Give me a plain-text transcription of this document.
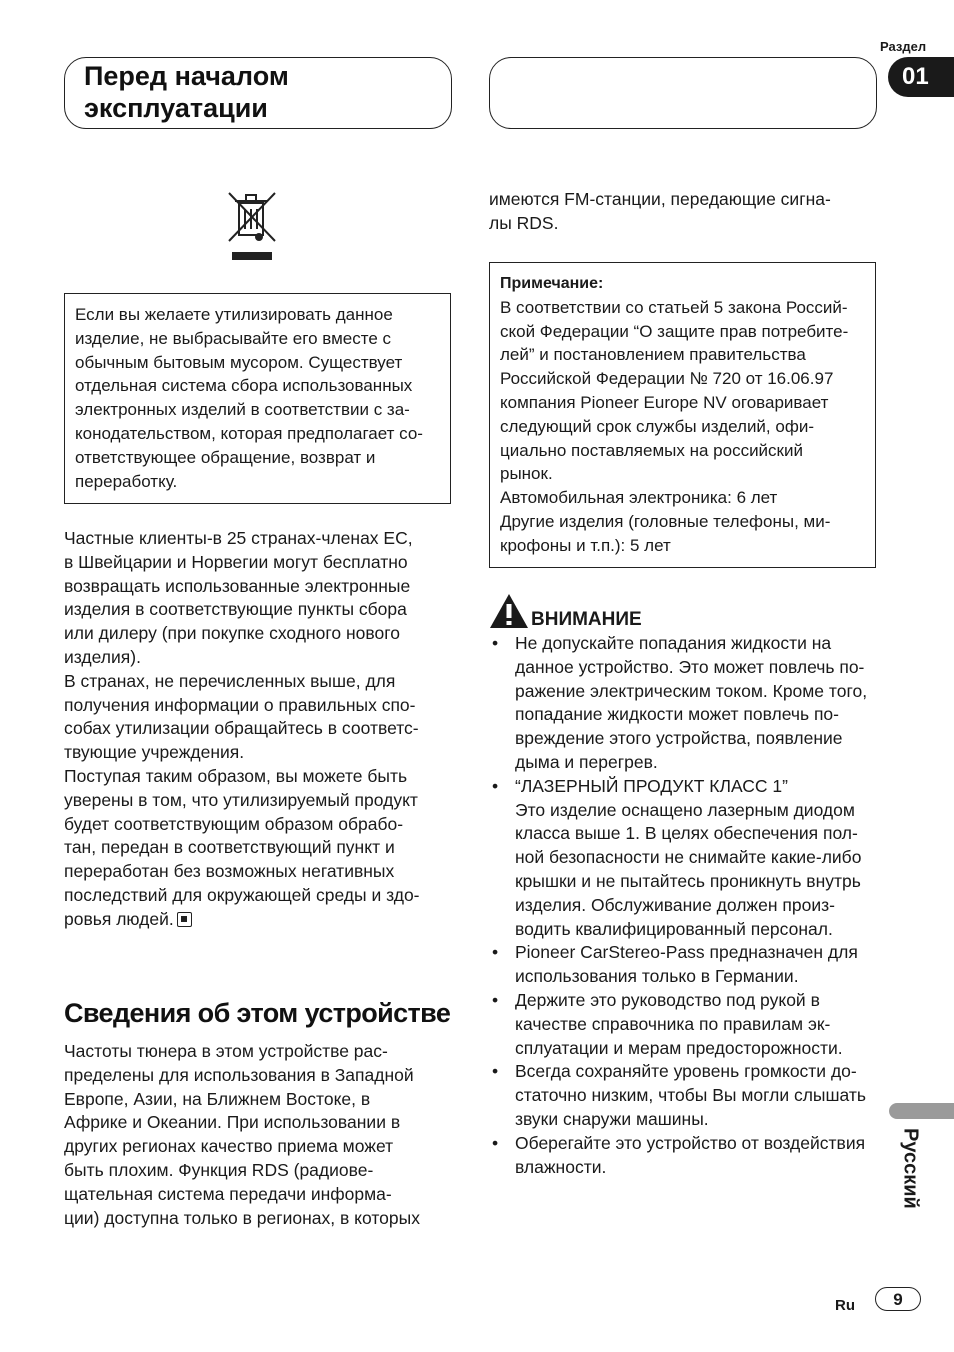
Перед началом эксплуатации
Раздел
01
Если вы желаете утилизировать данное
изделие, не выбрасывайте его вместе с
обычным бытовым мусором. Существует
отдельная система сбора использованных
электронных изделий в соответствии с за-
конодательством, которая предполагает со-
ответствующее обращение, возврат и
переработку.
Частные клиенты-в 25 странах-членах ЕС,
в Швейцарии и Норвегии могут бесплатно
возвращать использованные электронные
изделия в соответствующие пункты сбора
или дилеру (при покупке сходного нового
изделия).
В странах, не перечисленных выше, для
получения информации о правильных спо-
собах утилизации обращайтесь в соответс-
твующие учреждения.
Поступая таким образом, вы можете быть
уверены в том, что утилизируемый продукт
будет соответствующим образом обрабо-
тан, передан в соответствующий пункт и
переработан без возможных негативных
последствий для окружающей среды и здо-
ровья людей.
Сведения об этом устройстве
Частоты тюнера в этом устройстве рас-
пределены для использования в Западной
Европе, Азии, на Ближнем Востоке, в
Африке и Океании. При использовании в
других регионах качество приема может
быть плохим. Функция RDS (радиове-
щательная система передачи информа-
ции) доступна только в регионах, в которых
имеются FM-станции, передающие сигна-
лы RDS.
Примечание:
В соответствии со статьей 5 закона Россий-
ской Федерации “О защите прав потребите-
лей” и постановлением правительства
Российской Федерации № 720 от 16.06.97
компания Pioneer Europe NV оговаривает
следующий срок службы изделий, офи-
циально поставляемых на российский
рынок.
Автомобильная электроника: 6 лет
Другие изделия (головные телефоны, ми-
крофоны и т.п.): 5 лет
ВНИМАНИЕ
• Не допускайте попадания жидкости на
данное устройство. Это может повлечь по-
ражение электрическим током. Кроме того,
попадание жидкости может повлечь по-
вреждение этого устройства, появление
дыма и перегрев.
• “ЛАЗЕРНЫЙ ПРОДУКТ КЛАСС 1”
Это изделие оснащено лазерным диодом
класса выше 1. В целях обеспечения пол-
ной безопасности не снимайте какие-либо
крышки и не пытайтесь проникнуть внутрь
изделия. Обслуживание должен произ-
водить квалифицированный персонал.
• Pioneer CarStereo-Pass предназначен для
использования только в Германии.
• Держите это руководство под рукой в
качестве справочника по правилам эк-
сплуатации и мерам предосторожности.
• Всегда сохраняйте уровень громкости до-
статочно низким, чтобы Вы могли слышать
звуки снаружи машины.
• Оберегайте это устройство от воздействия
влажности.	Русский
Ru	9
